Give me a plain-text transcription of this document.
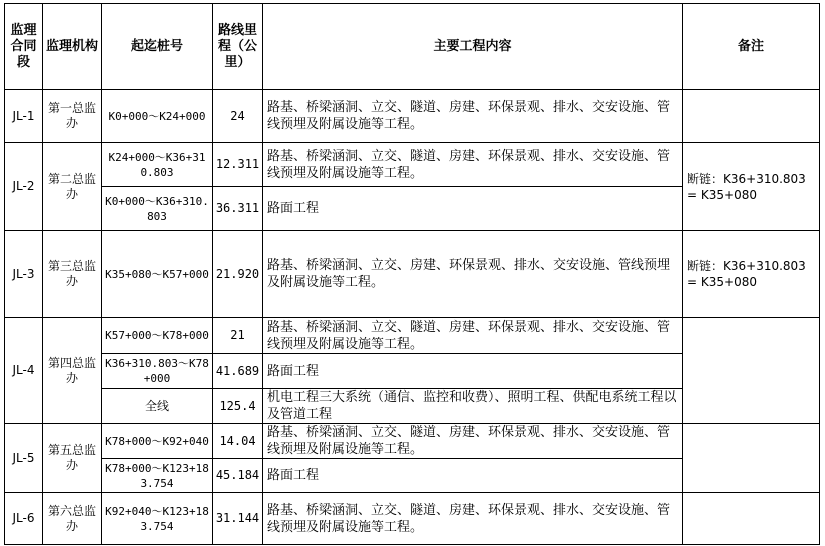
监理合同段	监理机构	起迄桩号	路线里程（公里）	主要工程内容	备注
JL-1	第一总监办	K0+000～K24+000	24	路基、桥梁涵洞、立交、隧道、房建、环保景观、排水、交安设施、管线预埋及附属设施等工程。	
JL-2	第二总监办	K24+000～K36+310.803	12.311	路基、桥梁涵洞、立交、隧道、房建、环保景观、排水、交安设施、管线预埋及附属设施等工程。	断链：K36+310.803= K35+080
		K0+000～K36+310.803	36.311	路面工程	
JL-3	第三总监办	K35+080～K57+000	21.920	路基、桥梁涵洞、立交、房建、环保景观、排水、交安设施、管线预埋及附属设施等工程。	断链：K36+310.803= K35+080
JL-4	第四总监办	K57+000～K78+000	21	路基、桥梁涵洞、立交、隧道、房建、环保景观、排水、交安设施、管线预埋及附属设施等工程。	
		K36+310.803～K78+000	41.689	路面工程	
		全线	125.4	机电工程三大系统（通信、监控和收费）、照明工程、供配电系统工程以及管道工程	
JL-5	第五总监办	K78+000～K92+040	14.04	路基、桥梁涵洞、立交、隧道、房建、环保景观、排水、交安设施、管线预埋及附属设施等工程。	
		K78+000～K123+183.754	45.184	路面工程	
JL-6	第六总监办	K92+040～K123+183.754	31.144	路基、桥梁涵洞、立交、隧道、房建、环保景观、排水、交安设施、管线预埋及附属设施等工程。	
